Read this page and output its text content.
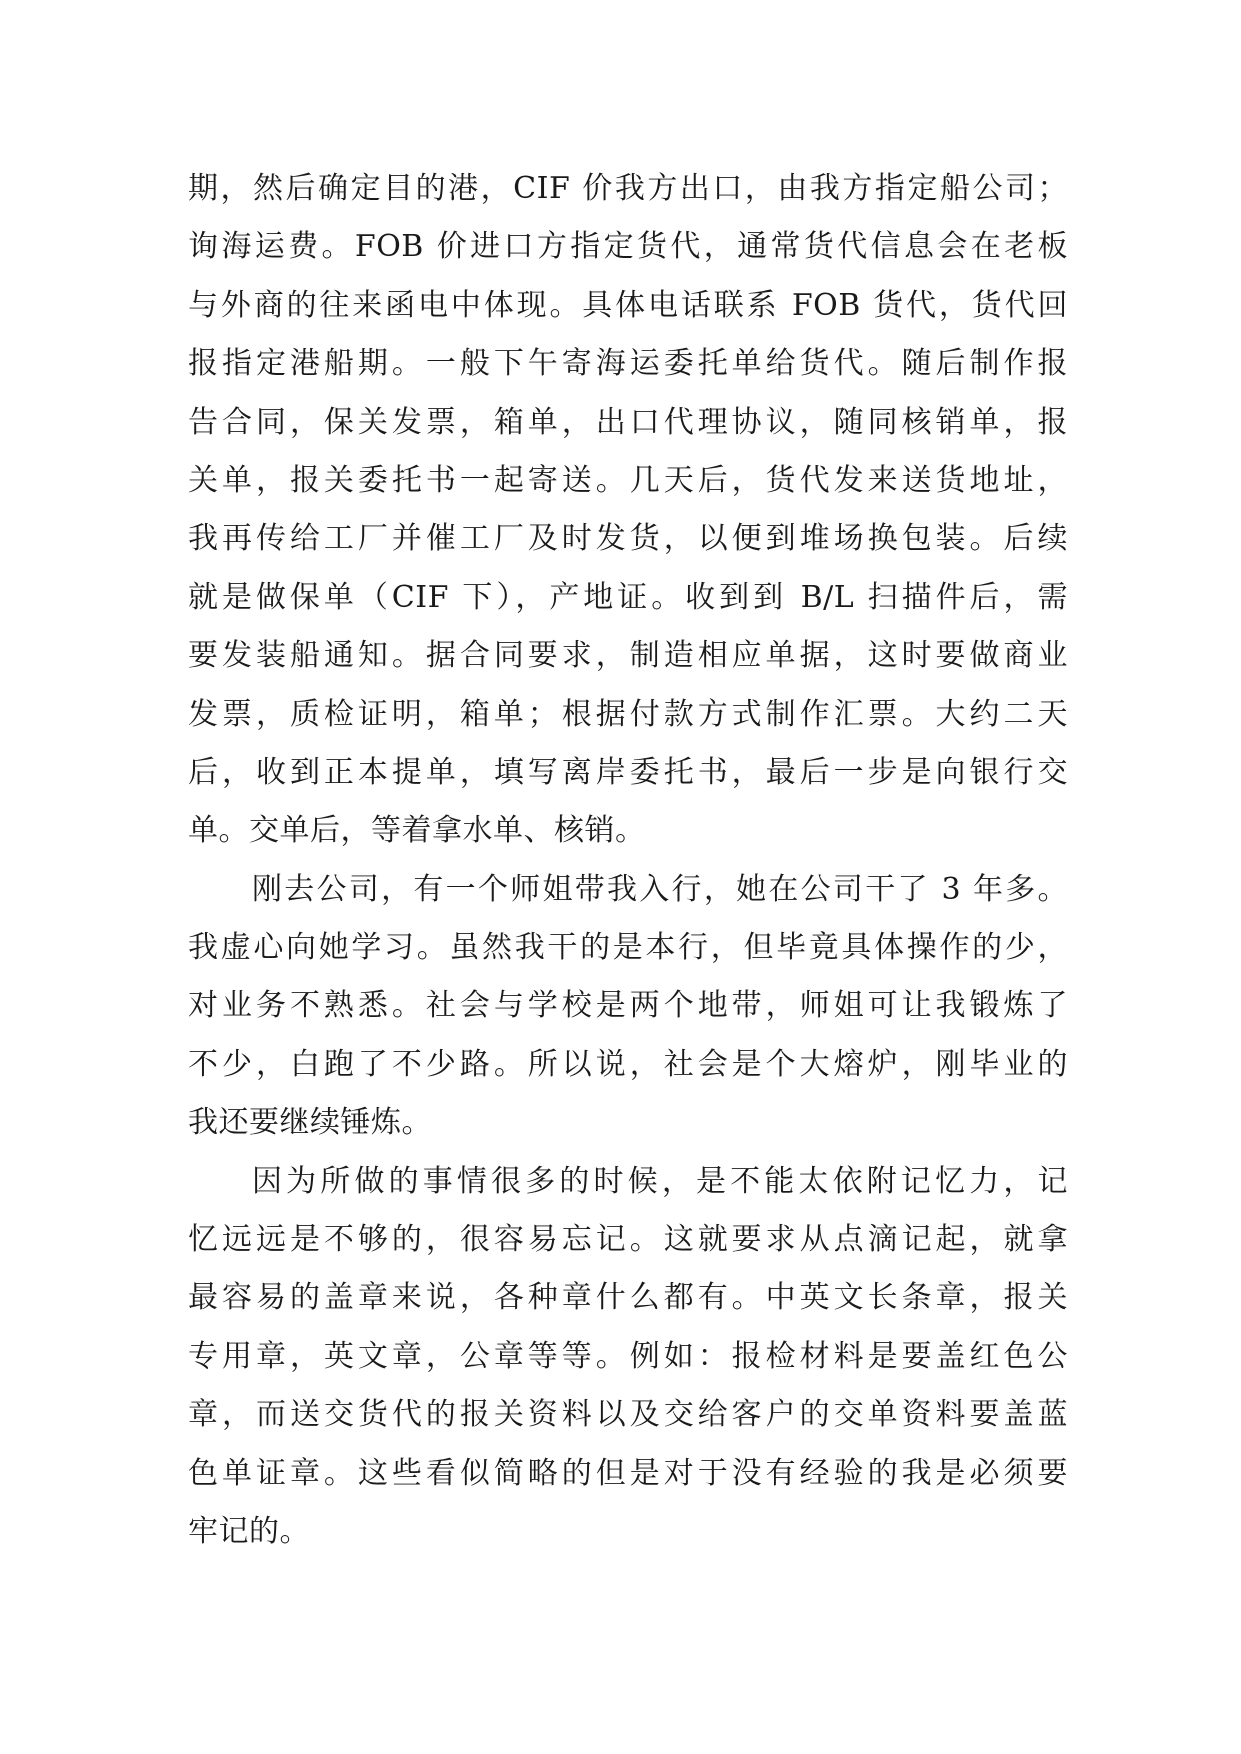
期，然后确定目的港，CIF 价我方出口，由我方指定船公司；
询海运费。FOB 价进口方指定货代，通常货代信息会在老板
与外商的往来函电中体现。具体电话联系 FOB 货代，货代回
报指定港船期。一般下午寄海运委托单给货代。随后制作报
告合同，保关发票，箱单，出口代理协议，随同核销单，报
关单，报关委托书一起寄送。几天后，货代发来送货地址，
我再传给工厂并催工厂及时发货，以便到堆场换包装。后续
就是做保单（CIF 下），产地证。收到到 B/L 扫描件后，需
要发装船通知。据合同要求，制造相应单据，这时要做商业
发票，质检证明，箱单；根据付款方式制作汇票。大约二天
后，收到正本提单，填写离岸委托书，最后一步是向银行交
单。交单后，等着拿水单、核销。
刚去公司，有一个师姐带我入行，她在公司干了 3 年多。
我虚心向她学习。虽然我干的是本行，但毕竟具体操作的少，
对业务不熟悉。社会与学校是两个地带，师姐可让我锻炼了
不少，白跑了不少路。所以说，社会是个大熔炉，刚毕业的
我还要继续锤炼。
因为所做的事情很多的时候，是不能太依附记忆力，记
忆远远是不够的，很容易忘记。这就要求从点滴记起，就拿
最容易的盖章来说，各种章什么都有。中英文长条章，报关
专用章，英文章，公章等等。例如：报检材料是要盖红色公
章，而送交货代的报关资料以及交给客户的交单资料要盖蓝
色单证章。这些看似简略的但是对于没有经验的我是必须要
牢记的。
